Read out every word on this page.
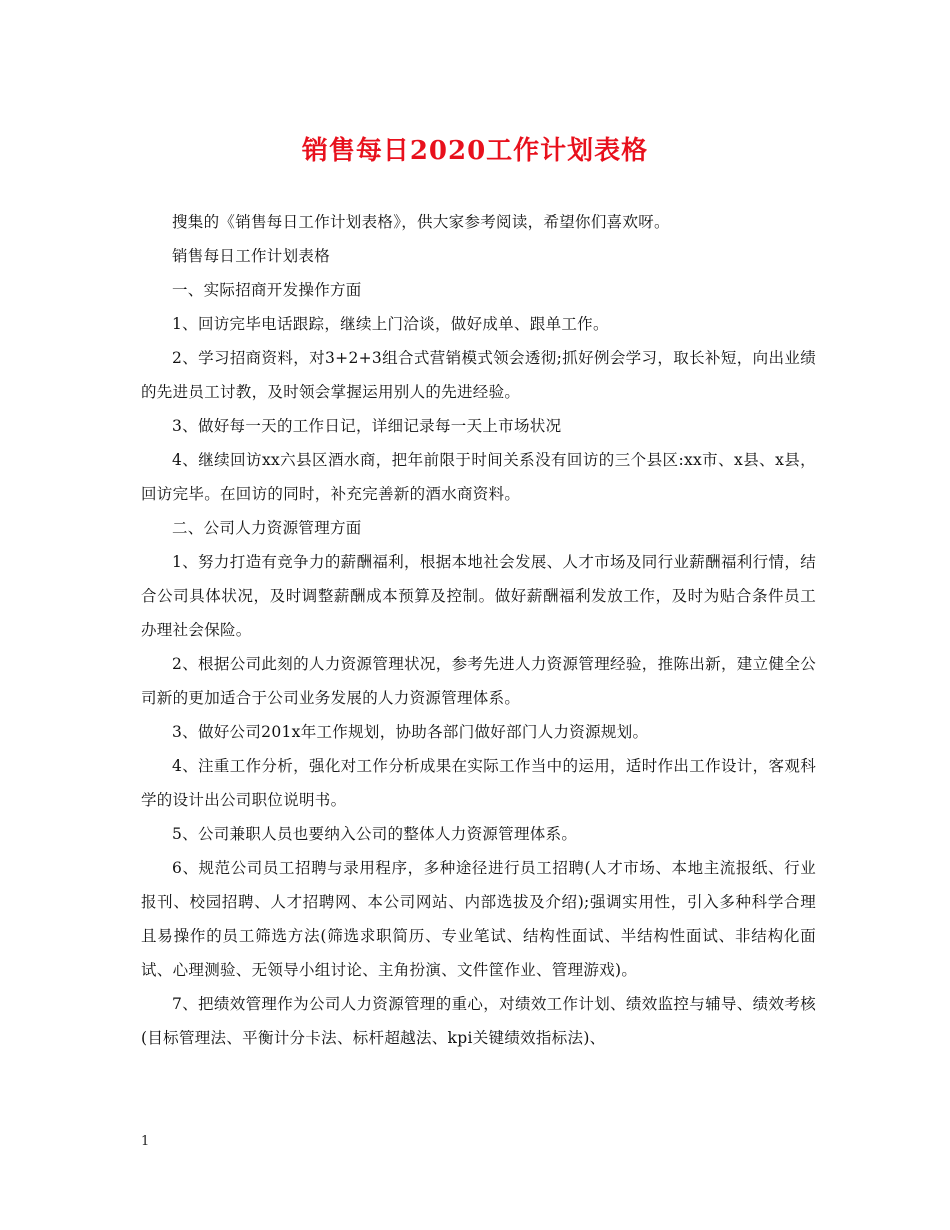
销售每日2020工作计划表格

搜集的《销售每日工作计划表格》，供大家参考阅读，希望你们喜欢呀。

销售每日工作计划表格

一、实际招商开发操作方面

1、回访完毕电话跟踪，继续上门洽谈，做好成单、跟单工作。

2、学习招商资料，对3+2+3组合式营销模式领会透彻;抓好例会学习，取长补短，向出业绩的先进员工讨教，及时领会掌握运用别人的先进经验。

3、做好每一天的工作日记，详细记录每一天上市场状况

4、继续回访xx六县区酒水商，把年前限于时间关系没有回访的三个县区:xx市、x县、x县，回访完毕。在回访的同时，补充完善新的酒水商资料。

二、公司人力资源管理方面

1、努力打造有竞争力的薪酬福利，根据本地社会发展、人才市场及同行业薪酬福利行情，结合公司具体状况，及时调整薪酬成本预算及控制。做好薪酬福利发放工作，及时为贴合条件员工办理社会保险。

2、根据公司此刻的人力资源管理状况，参考先进人力资源管理经验，推陈出新，建立健全公司新的更加适合于公司业务发展的人力资源管理体系。

3、做好公司201x年工作规划，协助各部门做好部门人力资源规划。

4、注重工作分析，强化对工作分析成果在实际工作当中的运用，适时作出工作设计，客观科学的设计出公司职位说明书。

5、公司兼职人员也要纳入公司的整体人力资源管理体系。

6、规范公司员工招聘与录用程序，多种途径进行员工招聘(人才市场、本地主流报纸、行业报刊、校园招聘、人才招聘网、本公司网站、内部选拔及介绍);强调实用性，引入多种科学合理且易操作的员工筛选方法(筛选求职简历、专业笔试、结构性面试、半结构性面试、非结构化面试、心理测验、无领导小组讨论、主角扮演、文件筐作业、管理游戏)。

7、把绩效管理作为公司人力资源管理的重心，对绩效工作计划、绩效监控与辅导、绩效考核(目标管理法、平衡计分卡法、标杆超越法、kpi关键绩效指标法)、

1
